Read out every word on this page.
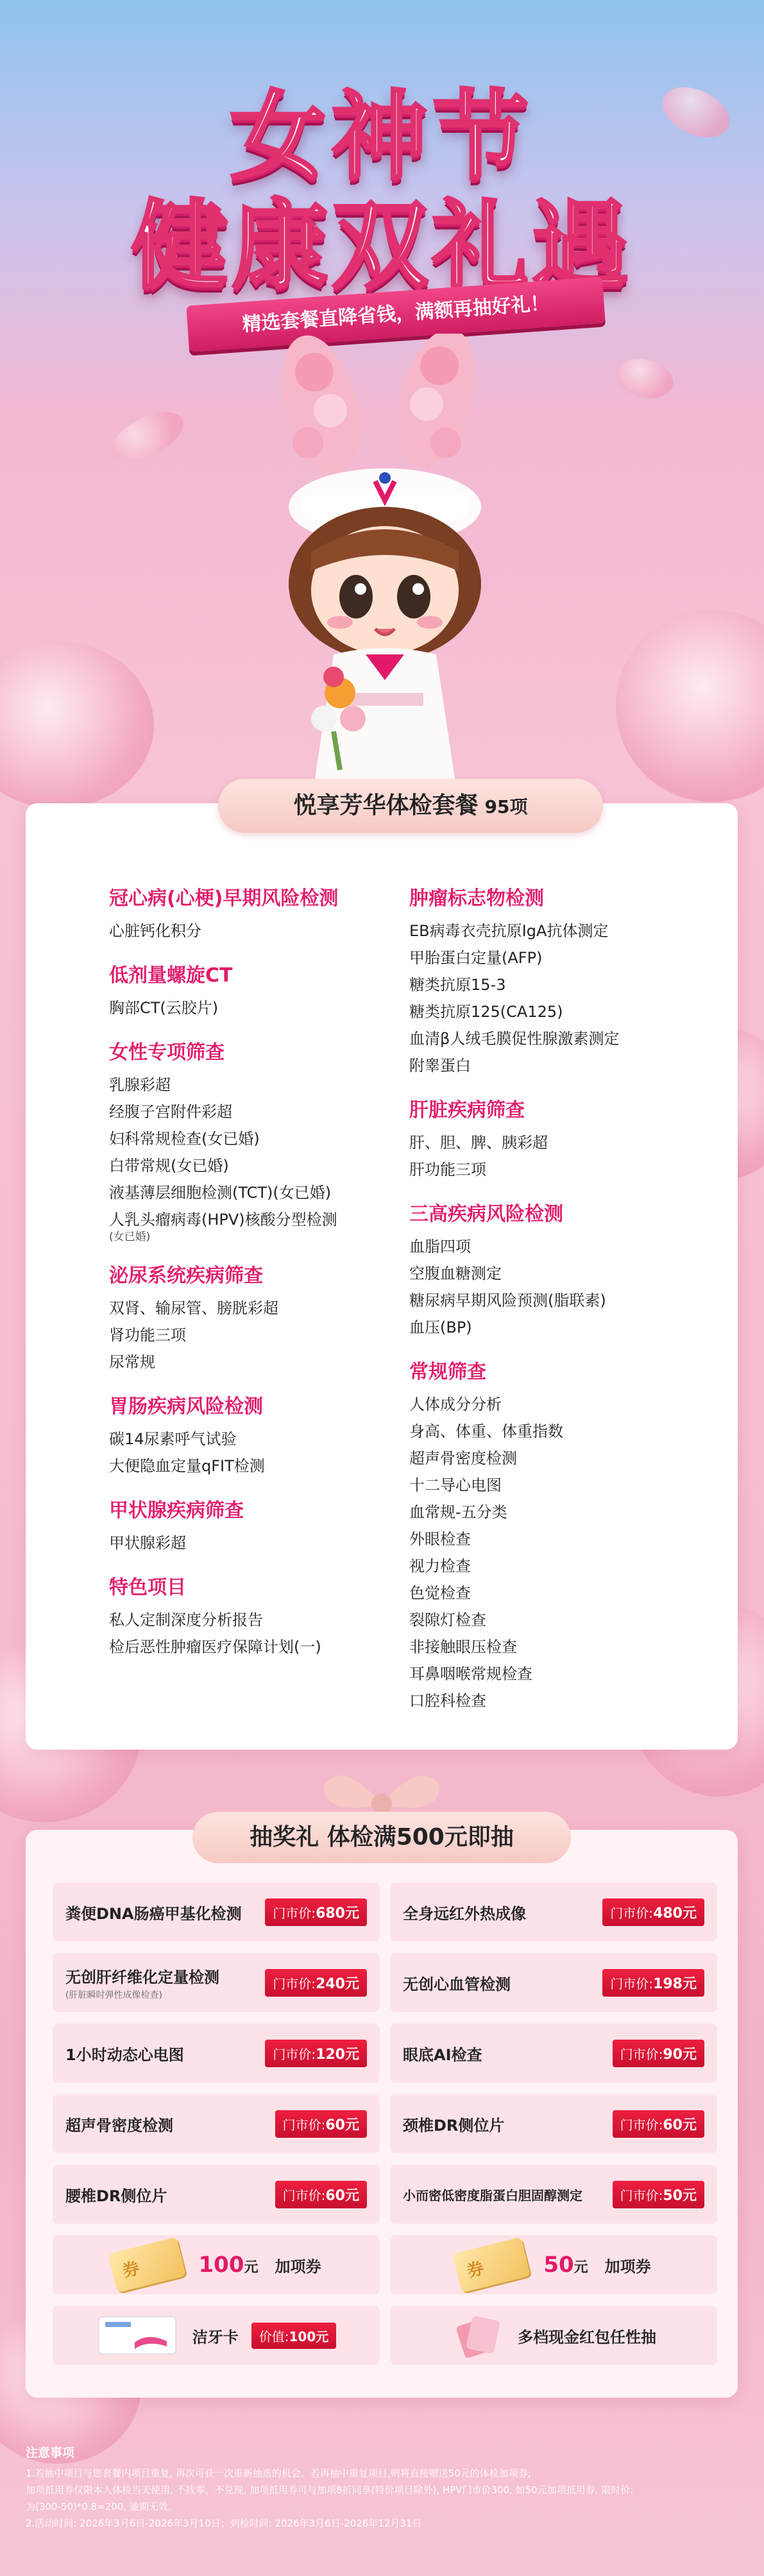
女神节
健康双礼遇
精选套餐直降省钱，满额再抽好礼！
悦享芳华体检套餐 95项
冠心病(心梗)早期风险检测
心脏钙化积分
低剂量螺旋CT
胸部CT(云胶片)
女性专项筛查
乳腺彩超
经腹子宫附件彩超
妇科常规检查(女已婚)
白带常规(女已婚)
液基薄层细胞检测(TCT)(女已婚)
人乳头瘤病毒(HPV)核酸分型检测
(女已婚)
泌尿系统疾病筛查
双肾、输尿管、膀胱彩超
肾功能三项
尿常规
胃肠疾病风险检测
碳14尿素呼气试验
大便隐血定量qFIT检测
甲状腺疾病筛查
甲状腺彩超
特色项目
私人定制深度分析报告
检后恶性肿瘤医疗保障计划(一)
肿瘤标志物检测
EB病毒衣壳抗原IgA抗体测定
甲胎蛋白定量(AFP)
糖类抗原15-3
糖类抗原125(CA125)
血清β人绒毛膜促性腺激素测定
附睾蛋白
肝脏疾病筛查
肝、胆、脾、胰彩超
肝功能三项
三高疾病风险检测
血脂四项
空腹血糖测定
糖尿病早期风险预测(脂联素)
血压(BP)
常规筛查
人体成分分析
身高、体重、体重指数
超声骨密度检测
十二导心电图
血常规-五分类
外眼检查
视力检查
色觉检查
裂隙灯检查
非接触眼压检查
耳鼻咽喉常规检查
口腔科检查
抽奖礼 体检满500元即抽
粪便DNA肠癌甲基化检测	门市价:680元
无创肝纤维化定量检测
(肝脏瞬时弹性成像检查)
门市价:240元
1小时动态心电图	门市价:120元
超声骨密度检测	门市价:60元
腰椎DR侧位片	门市价:60元
全身远红外热成像	门市价:480元
无创心血管检测	门市价:198元
眼底AI检查	门市价:90元
颈椎DR侧位片	门市价:60元
小而密低密度脂蛋白胆固醇测定	门市价:50元
券	100元 加项券	券	50元 加项券
洁牙卡	价值:100元	多档现金红包任性抽
注意事项
1.若抽中项目与您套餐内项目重复, 再次可获一次重新抽选的机会。若再抽中重复项目,则将直接赠送50元的体检加项券;
加项抵用券仅限本人体检当天使用, 不找零、不兑现, 加项抵用券可与加项8折同享(特价项目除外), HPV门市价300, 如50元加项抵用券, 限时价:
为(300-50)*0.8=200, 逾期无效。
2.活动时间: 2026年3月6日-2026年3月10日；到检时间: 2026年3月6日-2026年12月31日
